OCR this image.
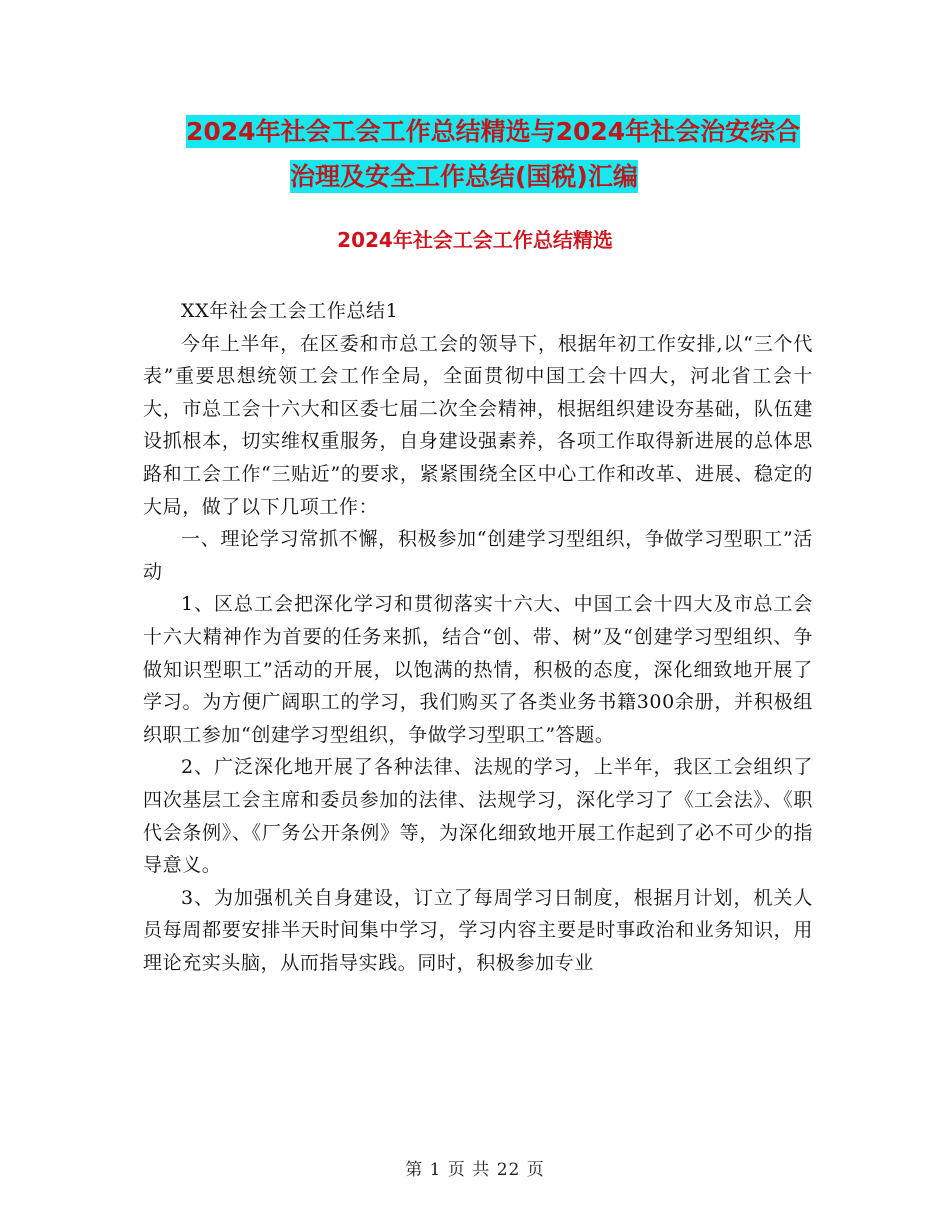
2024年社会工会工作总结精选与2024年社会治安综合
治理及安全工作总结(国税)汇编
2024年社会工会工作总结精选

XX年社会工会工作总结1

今年上半年，在区委和市总工会的领导下，根据年初工作安排,以“三个代表”重要思想统领工会工作全局，全面贯彻中国工会十四大，河北省工会十大，市总工会十六大和区委七届二次全会精神，根据组织建设夯基础，队伍建设抓根本，切实维权重服务，自身建设强素养，各项工作取得新进展的总体思路和工会工作“三贴近”的要求，紧紧围绕全区中心工作和改革、进展、稳定的大局，做了以下几项工作：

一、理论学习常抓不懈，积极参加“创建学习型组织，争做学习型职工”活动

1、区总工会把深化学习和贯彻落实十六大、中国工会十四大及市总工会十六大精神作为首要的任务来抓，结合“创、带、树”及“创建学习型组织、争做知识型职工”活动的开展，以饱满的热情，积极的态度，深化细致地开展了学习。为方便广阔职工的学习，我们购买了各类业务书籍300余册，并积极组织职工参加“创建学习型组织，争做学习型职工”答题。

2、广泛深化地开展了各种法律、法规的学习，上半年，我区工会组织了四次基层工会主席和委员参加的法律、法规学习，深化学习了《工会法》、《职代会条例》、《厂务公开条例》等，为深化细致地开展工作起到了必不可少的指导意义。

3、为加强机关自身建设，订立了每周学习日制度，根据月计划，机关人员每周都要安排半天时间集中学习，学习内容主要是时事政治和业务知识，用理论充实头脑，从而指导实践。同时，积极参加专业

第 1 页 共 22 页
